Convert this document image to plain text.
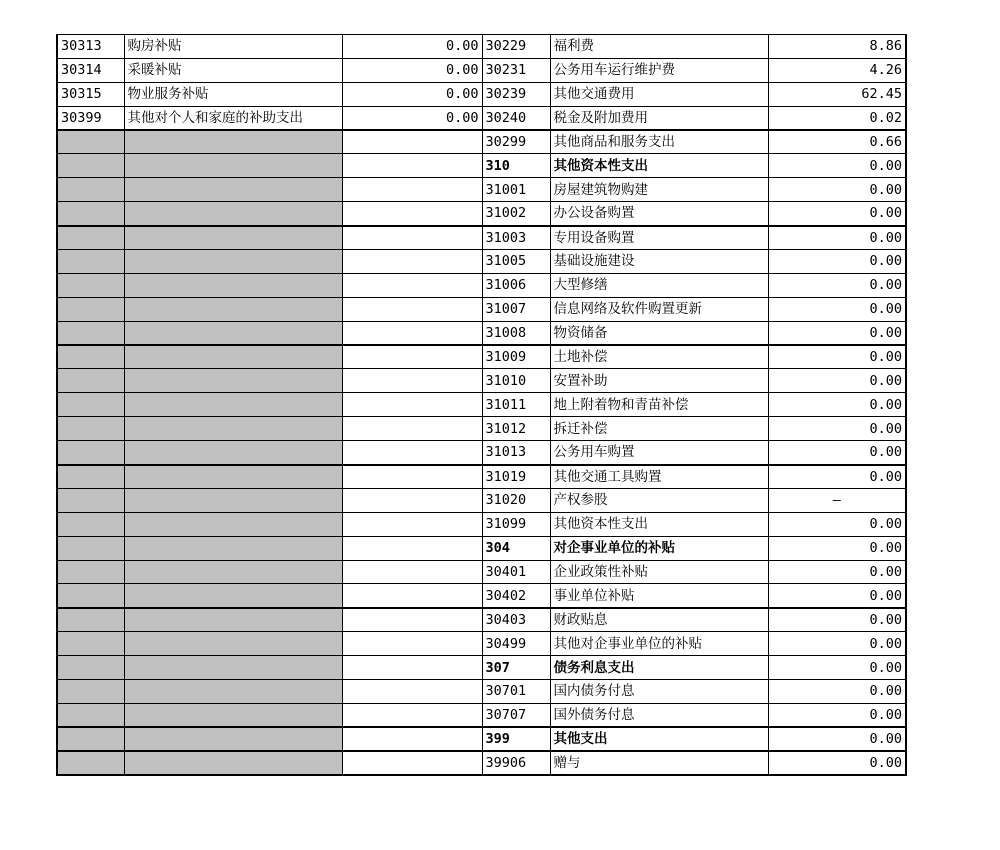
30313	购房补贴	0.00	30229	福利费	8.86
30314	采暖补贴	0.00	30231	公务用车运行维护费	4.26
30315	物业服务补贴	0.00	30239	其他交通费用	62.45
30399	其他对个人和家庭的补助支出	0.00	30240	税金及附加费用	0.02
			30299	其他商品和服务支出	0.66
			310	其他资本性支出	0.00
			31001	房屋建筑物购建	0.00
			31002	办公设备购置	0.00
			31003	专用设备购置	0.00
			31005	基础设施建设	0.00
			31006	大型修缮	0.00
			31007	信息网络及软件购置更新	0.00
			31008	物资储备	0.00
			31009	土地补偿	0.00
			31010	安置补助	0.00
			31011	地上附着物和青苗补偿	0.00
			31012	拆迁补偿	0.00
			31013	公务用车购置	0.00
			31019	其他交通工具购置	0.00
			31020	产权参股	—
			31099	其他资本性支出	0.00
			304	对企事业单位的补贴	0.00
			30401	企业政策性补贴	0.00
			30402	事业单位补贴	0.00
			30403	财政贴息	0.00
			30499	其他对企事业单位的补贴	0.00
			307	债务利息支出	0.00
			30701	国内债务付息	0.00
			30707	国外债务付息	0.00
			399	其他支出	0.00
			39906	赠与	0.00
